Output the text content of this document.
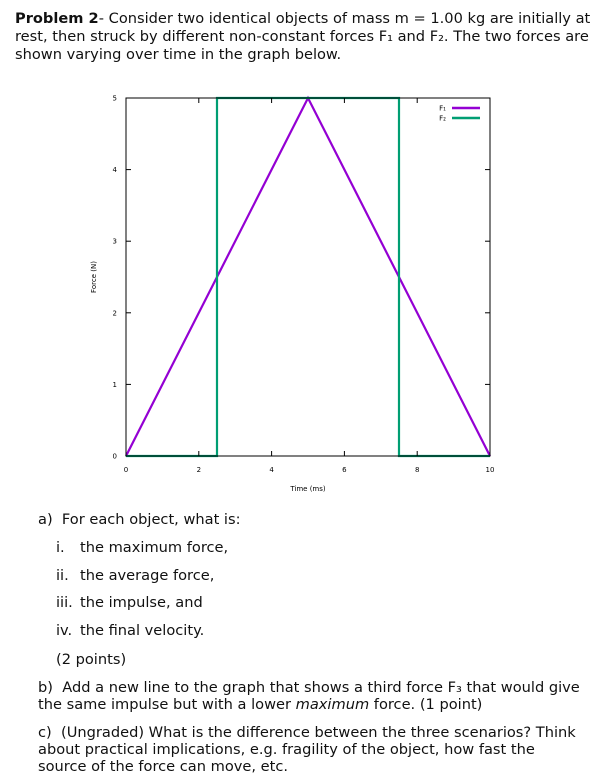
Problem 2- Consider two identical objects of mass m = 1.00 kg are initially at rest, then struck by different non-constant forces F₁ and F₂. The two forces are shown varying over time in the graph below.
0	2	4	6	8	10
0
1
2
3
4
5
Time (ms)
Force (N)
F₁
F₂
a) For each object, what is:
i. the maximum force,
ii. the average force,
iii. the impulse, and
iv. the final velocity.
(2 points)
b) Add a new line to the graph that shows a third force F₃ that would give the same impulse but with a lower maximum force. (1 point)
c) (Ungraded) What is the difference between the three scenarios? Think about practical implications, e.g. fragility of the object, how fast the source of the force can move, etc.
